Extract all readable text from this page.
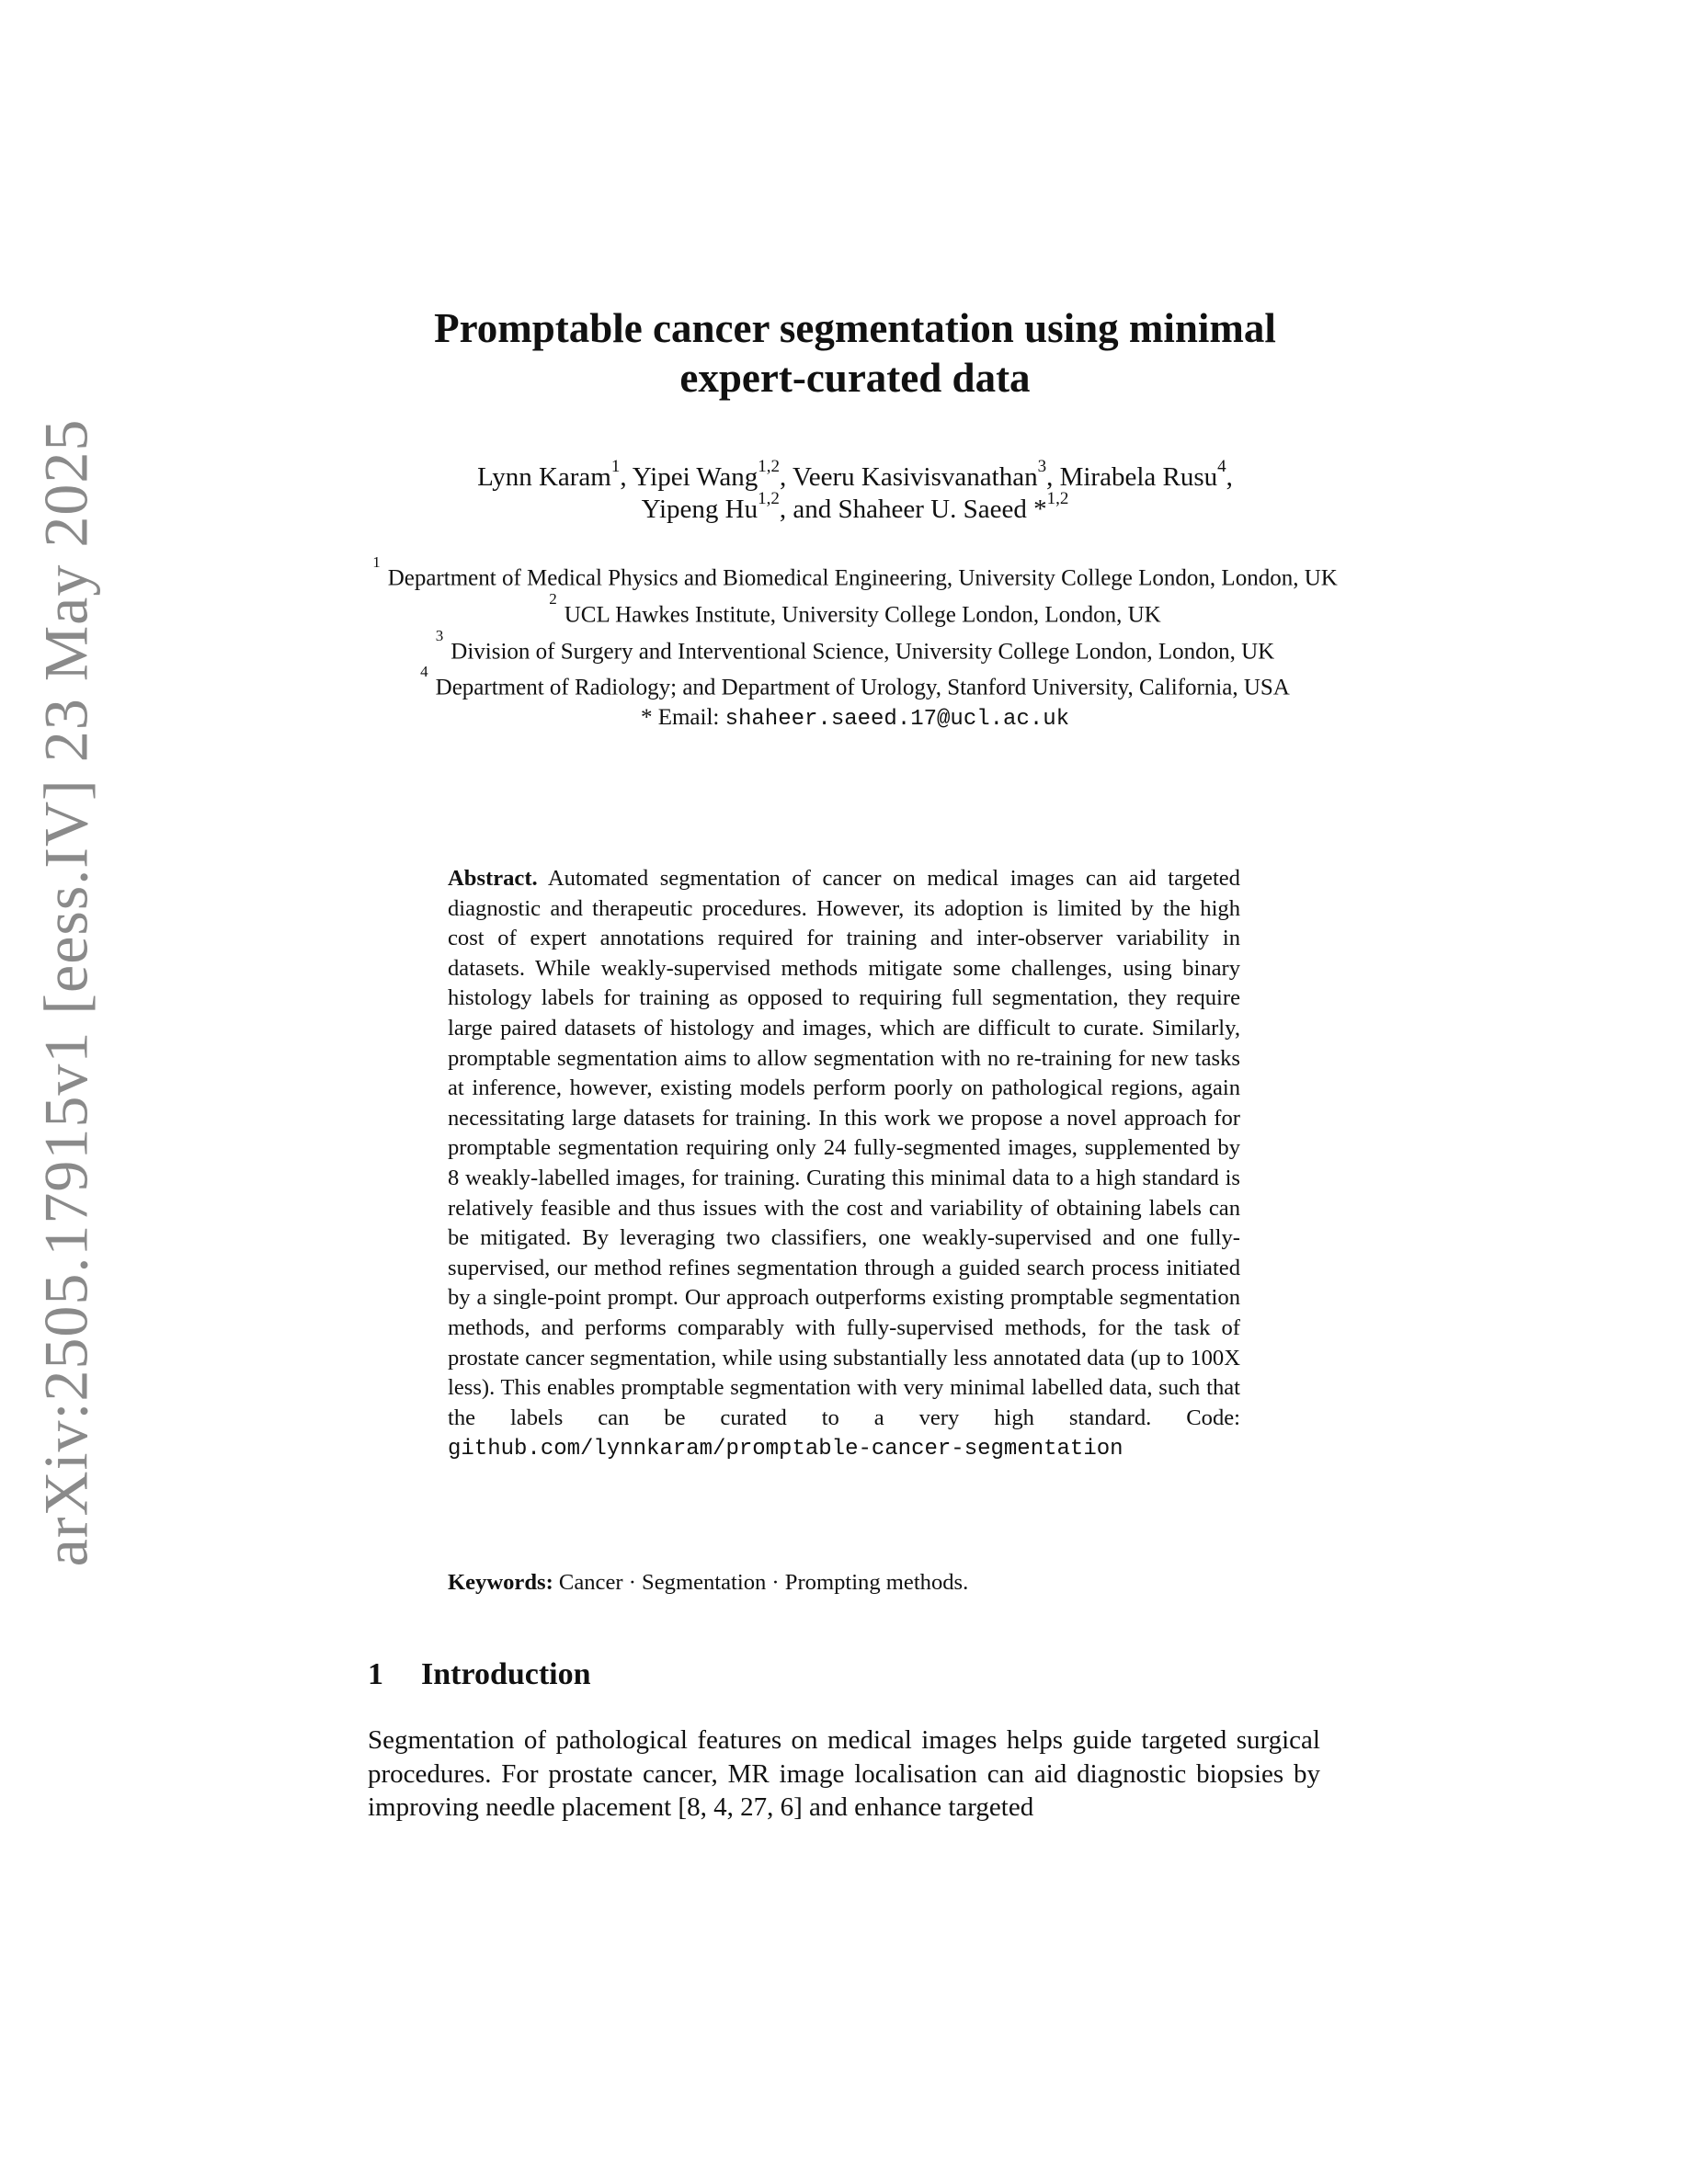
arXiv:2505.17915v1 [eess.IV] 23 May 2025
Promptable cancer segmentation using minimal
expert-curated data
Lynn Karam$^1$, Yipei Wang$^{1,2}$, Veeru Kasivisvanathan$^3$, Mirabela Rusu$^4$,
Yipeng Hu$^{1,2}$, and Shaheer U. Saeed *$^{1,2}$
$^1$Department of Medical Physics and Biomedical Engineering, University College London, London, UK
$^2$UCL Hawkes Institute, University College London, London, UK
$^3$Division of Surgery and Interventional Science, University College London, London, UK
$^4$Department of Radiology; and Department of Urology, Stanford University, California, USA
* Email: shaheer.saeed.17@ucl.ac.uk
Abstract. Automated segmentation of cancer on medical images can aid targeted diagnostic and therapeutic procedures. However, its adoption is limited by the high cost of expert annotations required for training and inter-observer variability in datasets. While weakly-supervised methods mitigate some challenges, using binary histology labels for training as opposed to requiring full segmentation, they require large paired datasets of histology and images, which are difficult to curate. Similarly, promptable segmentation aims to allow segmentation with no re-training for new tasks at inference, however, existing models perform poorly on pathological regions, again necessitating large datasets for training. In this work we propose a novel approach for promptable segmentation requiring only 24 fully-segmented images, supplemented by 8 weakly-labelled images, for training. Curating this minimal data to a high standard is relatively feasible and thus issues with the cost and variability of obtaining labels can be mitigated. By leveraging two classifiers, one weakly-supervised and one fully-supervised, our method refines segmentation through a guided search process initiated by a single-point prompt. Our approach outperforms existing promptable segmentation methods, and performs comparably with fully-supervised methods, for the task of prostate cancer segmentation, while using substantially less annotated data (up to 100X less). This enables promptable segmentation with very minimal labelled data, such that the labels can be curated to a very high standard. Code: github.com/lynnkaram/promptable-cancer-segmentation
Keywords: Cancer · Segmentation · Prompting methods.
1 Introduction
Segmentation of pathological features on medical images helps guide targeted surgical procedures. For prostate cancer, MR image localisation can aid diagnostic biopsies by improving needle placement [8, 4, 27, 6] and enhance targeted
